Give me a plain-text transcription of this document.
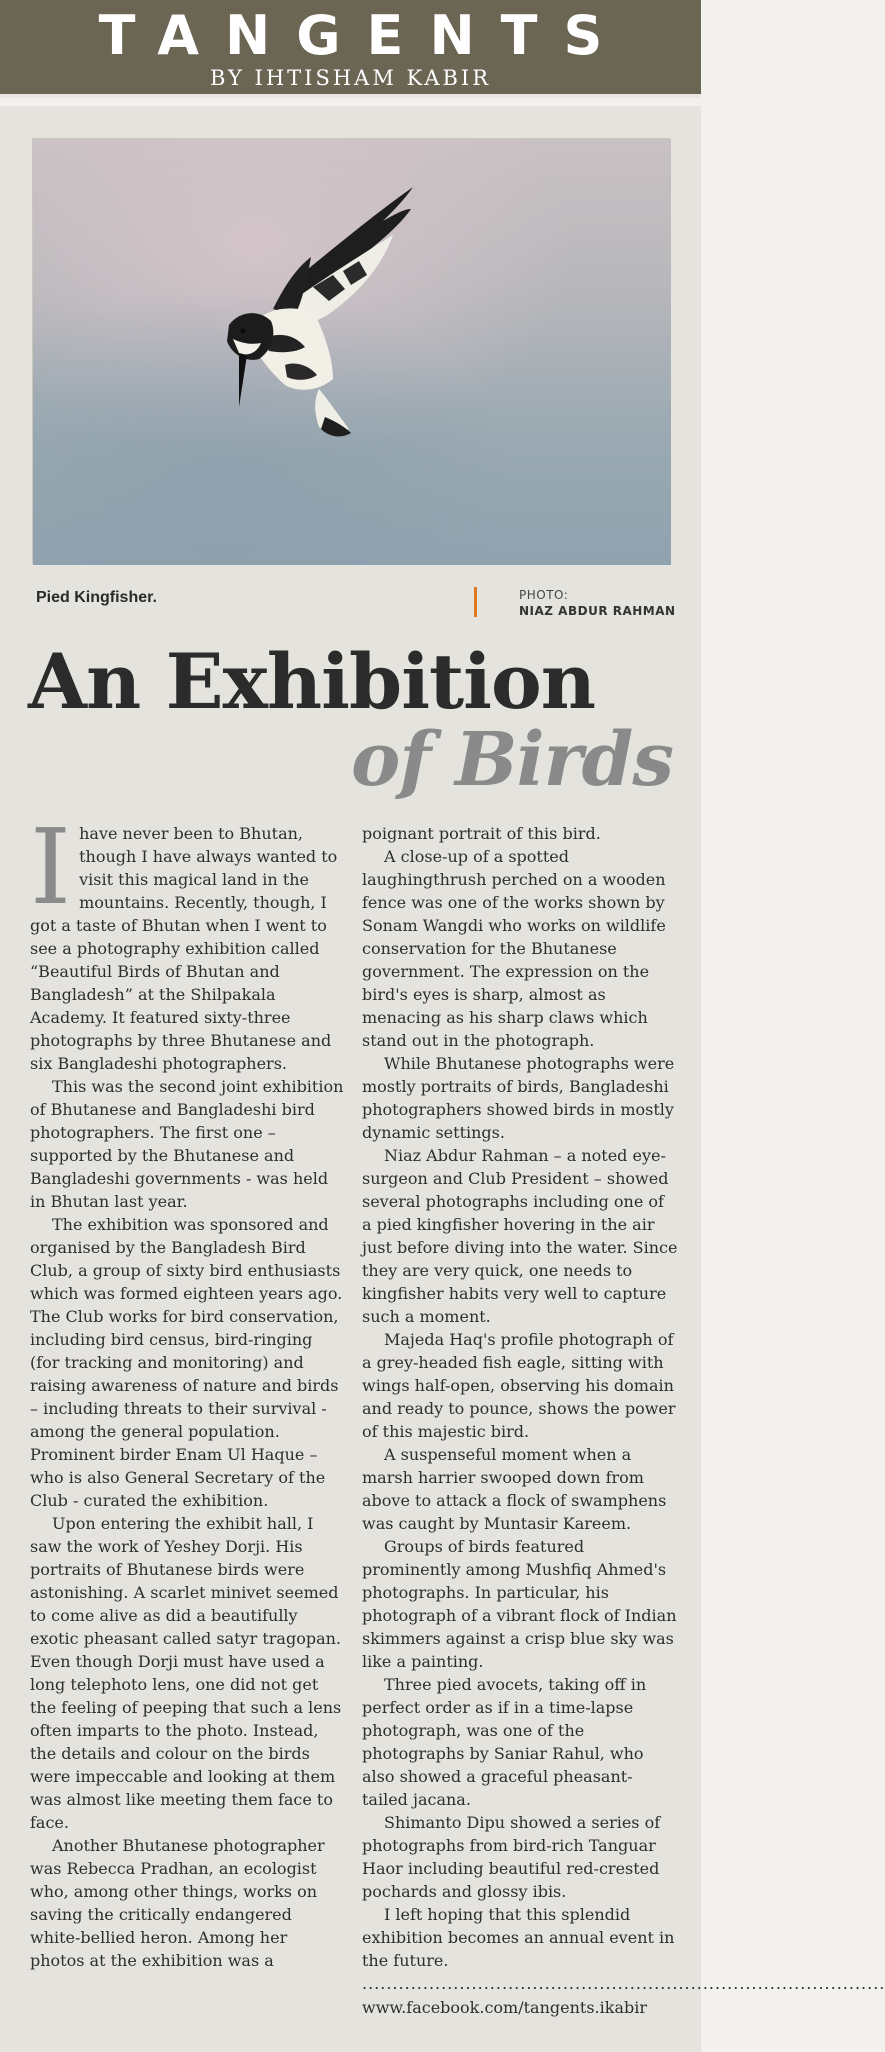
TANGENTS
BY IHTISHAM KABIR
Pied Kingfisher.	PHOTO:
NIAZ ABDUR RAHMAN
An Exhibition
of Birds

Ihave never been to Bhutan, though I have always wanted to visit this magical land in the mountains. Recently, though, I got a taste of Bhutan when I went to see a photography exhibition called “Beautiful Birds of Bhutan and Bangladesh” at the Shilpakala Academy. It featured sixty-three photographs by three Bhutanese and six Bangladeshi photographers.

This was the second joint exhibition of Bhutanese and Bangladeshi bird photographers. The first one – supported by the Bhutanese and Bangladeshi governments - was held in Bhutan last year.

The exhibition was sponsored and organised by the Bangladesh Bird Club, a group of sixty bird enthusiasts which was formed eighteen years ago. The Club works for bird conservation, including bird census, bird-ringing (for tracking and monitoring) and raising awareness of nature and birds – including threats to their survival - among the general population. Prominent birder Enam Ul Haque – who is also General Secretary of the Club - curated the exhibition.

Upon entering the exhibit hall, I saw the work of Yeshey Dorji. His portraits of Bhutanese birds were astonishing. A scarlet minivet seemed to come alive as did a beautifully exotic pheasant called satyr tragopan. Even though Dorji must have used a long telephoto lens, one did not get the feeling of peeping that such a lens often imparts to the photo. Instead, the details and colour on the birds were impeccable and looking at them was almost like meeting them face to face.

Another Bhutanese photographer was Rebecca Pradhan, an ecologist who, among other things, works on saving the critically endangered white-bellied heron. Among her photos at the exhibition was a

poignant portrait of this bird.

A close-up of a spotted laughingthrush perched on a wooden fence was one of the works shown by Sonam Wangdi who works on wildlife conservation for the Bhutanese government. The expression on the bird's eyes is sharp, almost as menacing as his sharp claws which stand out in the photograph.

While Bhutanese photographs were mostly portraits of birds, Bangladeshi photographers showed birds in mostly dynamic settings.

Niaz Abdur Rahman – a noted eye-surgeon and Club President – showed several photographs including one of a pied kingfisher hovering in the air just before diving into the water. Since they are very quick, one needs to kingfisher habits very well to capture such a moment.

Majeda Haq's profile photograph of a grey-headed fish eagle, sitting with wings half-open, observing his domain and ready to pounce, shows the power of this majestic bird.

A suspenseful moment when a marsh harrier swooped down from above to attack a flock of swamphens was caught by Muntasir Kareem.

Groups of birds featured prominently among Mushfiq Ahmed's photographs. In particular, his photograph of a vibrant flock of Indian skimmers against a crisp blue sky was like a painting.

Three pied avocets, taking off in perfect order as if in a time-lapse photograph, was one of the photographs by Saniar Rahul, who also showed a graceful pheasant-tailed jacana.

Shimanto Dipu showed a series of photographs from bird-rich Tanguar Haor including beautiful red-crested pochards and glossy ibis.

I left hoping that this splendid exhibition becomes an annual event in the future.

......................................................................................
www.facebook.com/tangents.ikabir
